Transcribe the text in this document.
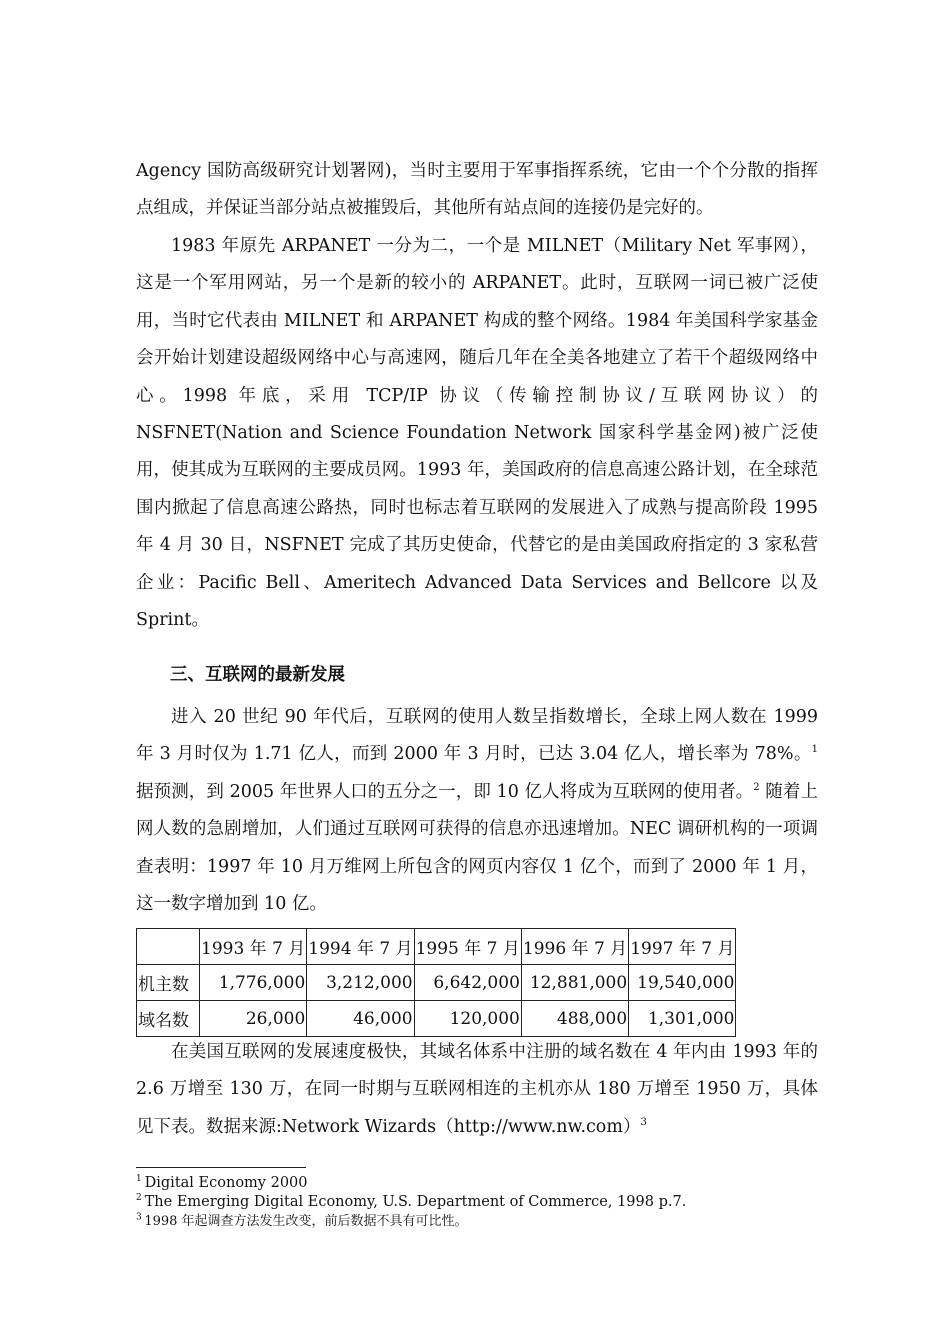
Agency 国防高级研究计划署网)，当时主要用于军事指挥系统，它由一个个分散的指挥点组成，并保证当部分站点被摧毁后，其他所有站点间的连接仍是完好的。

1983 年原先 ARPANET 一分为二，一个是 MILNET（Military Net 军事网），这是一个军用网站，另一个是新的较小的 ARPANET。此时，互联网一词已被广泛使用，当时它代表由 MILNET 和 ARPANET 构成的整个网络。1984 年美国科学家基金会开始计划建设超级网络中心与高速网，随后几年在全美各地建立了若干个超级网络中心。1998 年底，采用 TCP/IP 协议（传输控制协议/互联网协议）的 NSFNET(Nation and Science Foundation Network 国家科学基金网)被广泛使用，使其成为互联网的主要成员网。1993 年，美国政府的信息高速公路计划，在全球范围内掀起了信息高速公路热，同时也标志着互联网的发展进入了成熟与提高阶段 1995 年 4 月 30 日，NSFNET 完成了其历史使命，代替它的是由美国政府指定的 3 家私营企业：Pacific Bell、Ameritech Advanced Data Services and Bellcore 以及 Sprint。

三、互联网的最新发展

进入 20 世纪 90 年代后，互联网的使用人数呈指数增长，全球上网人数在 1999 年 3 月时仅为 1.71 亿人，而到 2000 年 3 月时，已达 3.04 亿人，增长率为 78%。$^1$ 据预测，到 2005 年世界人口的五分之一，即 10 亿人将成为互联网的使用者。$^2$ 随着上网人数的急剧增加，人们通过互联网可获得的信息亦迅速增加。NEC 调研机构的一项调查表明：1997 年 10 月万维网上所包含的网页内容仅 1 亿个，而到了 2000 年 1 月，这一数字增加到 10 亿。

	1993 年 7 月	1994 年 7 月	1995 年 7 月	1996 年 7 月	1997 年 7 月
机主数	1,776,000	3,212,000	6,642,000	12,881,000	19,540,000
域名数	26,000	46,000	120,000	488,000	1,301,000

在美国互联网的发展速度极快，其域名体系中注册的域名数在 4 年内由 1993 年的 2.6 万增至 130 万，在同一时期与互联网相连的主机亦从 180 万增至 1950 万，具体见下表。数据来源:Network Wizards（http://www.nw.com）$^3$

$^1$  Digital Economy 2000
$^2$  The Emerging Digital Economy, U.S. Department of Commerce, 1998 p.7.
$^3$  1998 年起调查方法发生改变，前后数据不具有可比性。
